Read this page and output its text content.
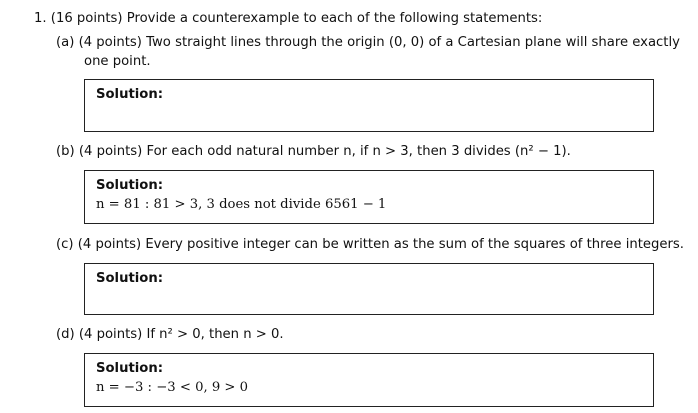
1. (16 points) Provide a counterexample to each of the following statements:
(a) (4 points) Two straight lines through the origin (0, 0) of a Cartesian plane will share exactly
one point.
Solution:
(b) (4 points) For each odd natural number n, if n > 3, then 3 divides (n² − 1).
Solution:
n = 81 : 81 > 3, 3 does not divide 6561 − 1
(c) (4 points) Every positive integer can be written as the sum of the squares of three integers.
Solution:
(d) (4 points) If n² > 0, then n > 0.
Solution:
n = −3 : −3 < 0, 9 > 0
